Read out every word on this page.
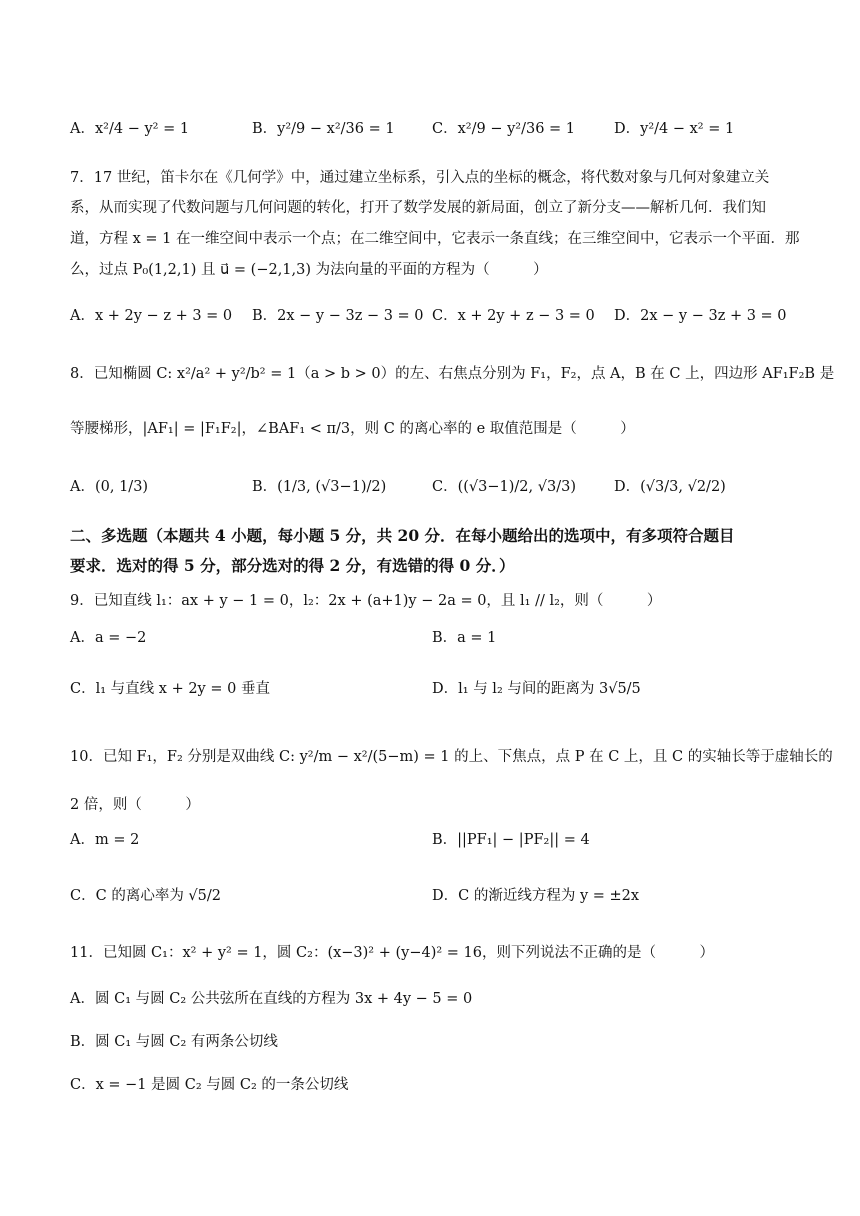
A．x²/4 − y² = 1	B．y²/9 − x²/36 = 1	C．x²/9 − y²/36 = 1	D．y²/4 − x² = 1
7．17 世纪，笛卡尔在《几何学》中，通过建立坐标系，引入点的坐标的概念，将代数对象与几何对象建立关
系，从而实现了代数问题与几何问题的转化，打开了数学发展的新局面，创立了新分支——解析几何．我们知
道，方程 x = 1 在一维空间中表示一个点；在二维空间中，它表示一条直线；在三维空间中，它表示一个平面．那
么，过点 P₀(1,2,1) 且 u⃗ = (−2,1,3) 为法向量的平面的方程为（　　　）
A．x + 2y − z + 3 = 0 B．2x − y − 3z − 3 = 0 C．x + 2y + z − 3 = 0 D．2x − y − 3z + 3 = 0
8．已知椭圆 C: x²/a² + y²/b² = 1（a > b > 0）的左、右焦点分别为 F₁，F₂，点 A，B 在 C 上，四边形 AF₁F₂B 是
等腰梯形，|AF₁| = |F₁F₂|，∠BAF₁ < π/3，则 C 的离心率的 e 取值范围是（　　　）
A．(0, 1/3)	B．(1/3, (√3−1)/2)	C．((√3−1)/2, √3/3)	D．(√3/3, √2/2)
二、多选题（本题共 4 小题，每小题 5 分，共 20 分．在每小题给出的选项中，有多项符合题目
要求．选对的得 5 分，部分选对的得 2 分，有选错的得 0 分．）
9．已知直线 l₁：ax + y − 1 = 0，l₂：2x + (a+1)y − 2a = 0，且 l₁ // l₂，则（　　　）
A．a = −2	B．a = 1
C．l₁ 与直线 x + 2y = 0 垂直	D．l₁ 与 l₂ 与间的距离为 3√5/5
10．已知 F₁，F₂ 分别是双曲线 C: y²/m − x²/(5−m) = 1 的上、下焦点，点 P 在 C 上，且 C 的实轴长等于虚轴长的
2 倍，则（　　　）
A．m = 2	B．||PF₁| − |PF₂|| = 4
C．C 的离心率为 √5/2	D．C 的渐近线方程为 y = ±2x
11．已知圆 C₁：x² + y² = 1，圆 C₂：(x−3)² + (y−4)² = 16，则下列说法不正确的是（　　　）
A．圆 C₁ 与圆 C₂ 公共弦所在直线的方程为 3x + 4y − 5 = 0
B．圆 C₁ 与圆 C₂ 有两条公切线
C．x = −1 是圆 C₂ 与圆 C₂ 的一条公切线
